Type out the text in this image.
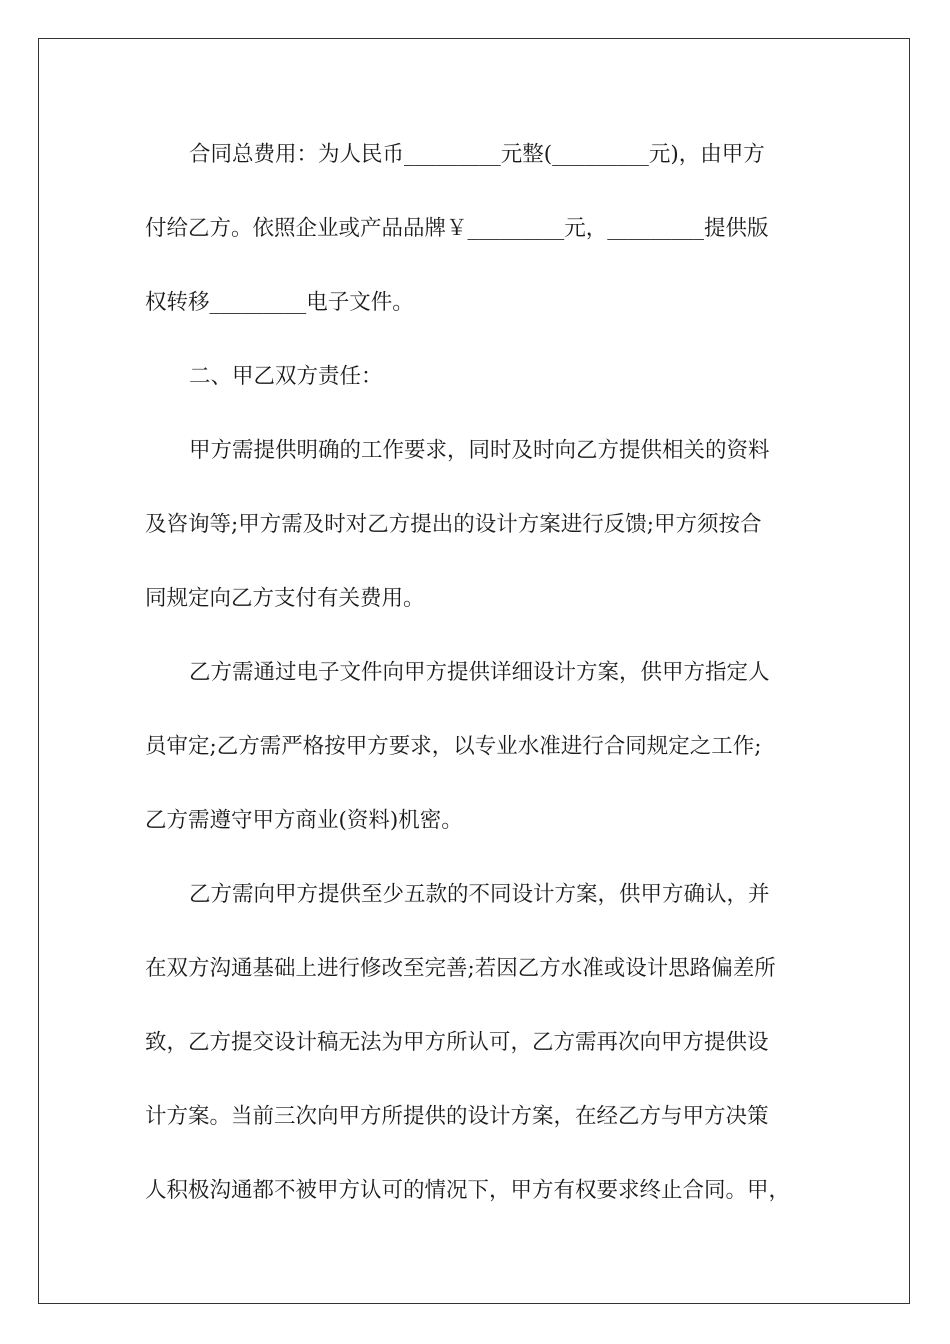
合同总费用：为人民币_________元整(_________元)，由甲方
付给乙方。依照企业或产品品牌￥_________元，_________提供版
权转移_________电子文件。
二、甲乙双方责任：
甲方需提供明确的工作要求，同时及时向乙方提供相关的资料
及咨询等;甲方需及时对乙方提出的设计方案进行反馈;甲方须按合
同规定向乙方支付有关费用。
乙方需通过电子文件向甲方提供详细设计方案，供甲方指定人
员审定;乙方需严格按甲方要求，以专业水准进行合同规定之工作;
乙方需遵守甲方商业(资料)机密。
乙方需向甲方提供至少五款的不同设计方案，供甲方确认，并
在双方沟通基础上进行修改至完善;若因乙方水准或设计思路偏差所
致，乙方提交设计稿无法为甲方所认可，乙方需再次向甲方提供设
计方案。当前三次向甲方所提供的设计方案，在经乙方与甲方决策
人积极沟通都不被甲方认可的情况下，甲方有权要求终止合同。甲，
